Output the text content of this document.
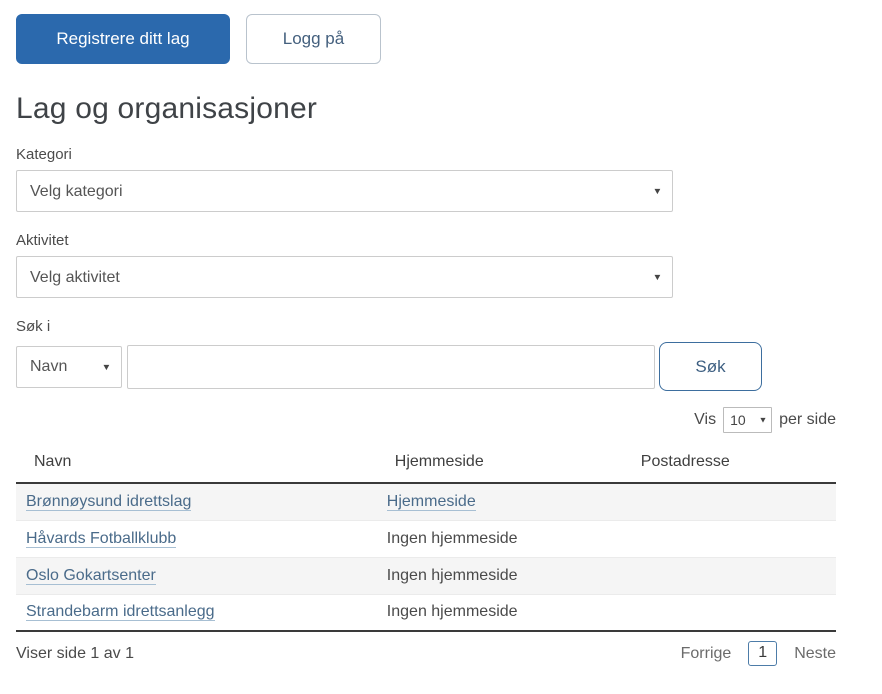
Registrere ditt lag	Logg på
Lag og organisasjoner
Kategori
Velg kategori
▼
Aktivitet
Velg aktivitet
▼
Søk i
Navn
▼	Søk
Vis
10	▼ per side
Navn	Hjemmeside	Postadresse
Brønnøysund idrettslag	Hjemmeside	
Håvards Fotballklubb	Ingen hjemmeside	
Oslo Gokartsenter	Ingen hjemmeside	
Strandebarm idrettsanlegg	Ingen hjemmeside	
Viser side 1 av 1	Forrige	1	Neste
